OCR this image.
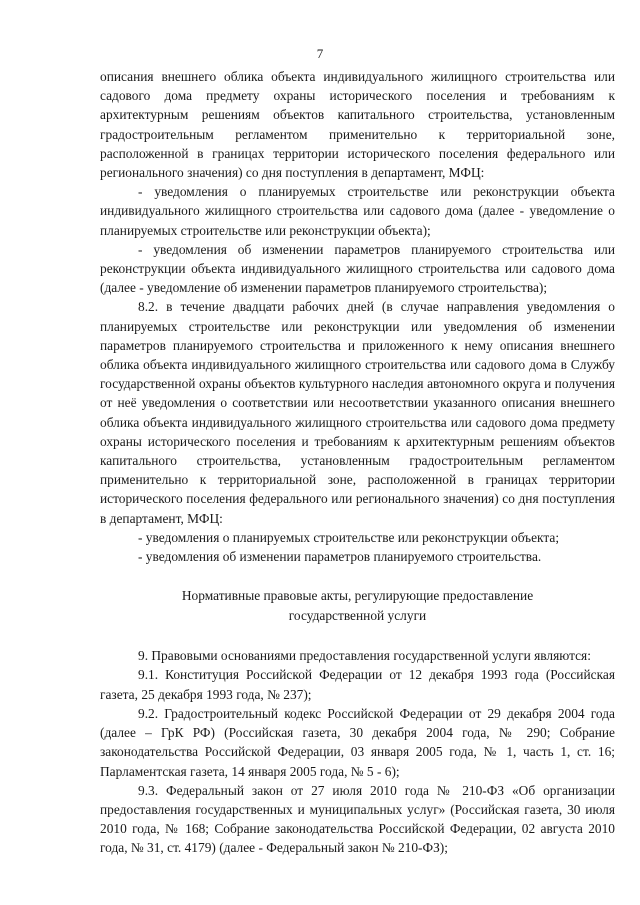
7

описания внешнего облика объекта индивидуального жилищного строительства или садового дома предмету охраны исторического поселения и требованиям к архитектурным решениям объектов капитального строительства, установленным градостроительным регламентом применительно к территориальной зоне, расположенной в границах территории исторического поселения федерального или регионального значения) со дня поступления в департамент, МФЦ:

- уведомления о планируемых строительстве или реконструкции объекта индивидуального жилищного строительства или садового дома (далее - уведомление о планируемых строительстве или реконструкции объекта);

- уведомления об изменении параметров планируемого строительства или реконструкции объекта индивидуального жилищного строительства или садового дома (далее - уведомление об изменении параметров планируемого строительства);

8.2. в течение двадцати рабочих дней (в случае направления уведомления о планируемых строительстве или реконструкции или уведомления об изменении параметров планируемого строительства и приложенного к нему описания внешнего облика объекта индивидуального жилищного строительства или садового дома в Службу государственной охраны объектов культурного наследия автономного округа и получения от неё уведомления о соответствии или несоответствии указанного описания внешнего облика объекта индивидуального жилищного строительства или садового дома предмету охраны исторического поселения и требованиям к архитектурным решениям объектов капитального строительства, установленным градостроительным регламентом применительно к территориальной зоне, расположенной в границах территории исторического поселения федерального или регионального значения) со дня поступления в департамент, МФЦ:

- уведомления о планируемых строительстве или реконструкции объекта;

- уведомления об изменении параметров планируемого строительства.

Нормативные правовые акты, регулирующие предоставление
государственной услуги

9. Правовыми основаниями предоставления государственной услуги являются:

9.1. Конституция Российской Федерации от 12 декабря 1993 года (Российская газета, 25 декабря 1993 года, № 237);

9.2. Градостроительный кодекс Российской Федерации от 29 декабря 2004 года (далее – ГрК РФ) (Российская газета, 30 декабря 2004 года, № 290; Собрание законодательства Российской Федерации, 03 января 2005 года, № 1, часть 1, ст. 16; Парламентская газета, 14 января 2005 года, № 5 - 6);

9.3. Федеральный закон от 27 июля 2010 года № 210-ФЗ «Об организации предоставления государственных и муниципальных услуг» (Российская газета, 30 июля 2010 года, № 168; Собрание законодательства Российской Федерации, 02 августа 2010 года, № 31, ст. 4179) (далее - Федеральный закон № 210-ФЗ);
